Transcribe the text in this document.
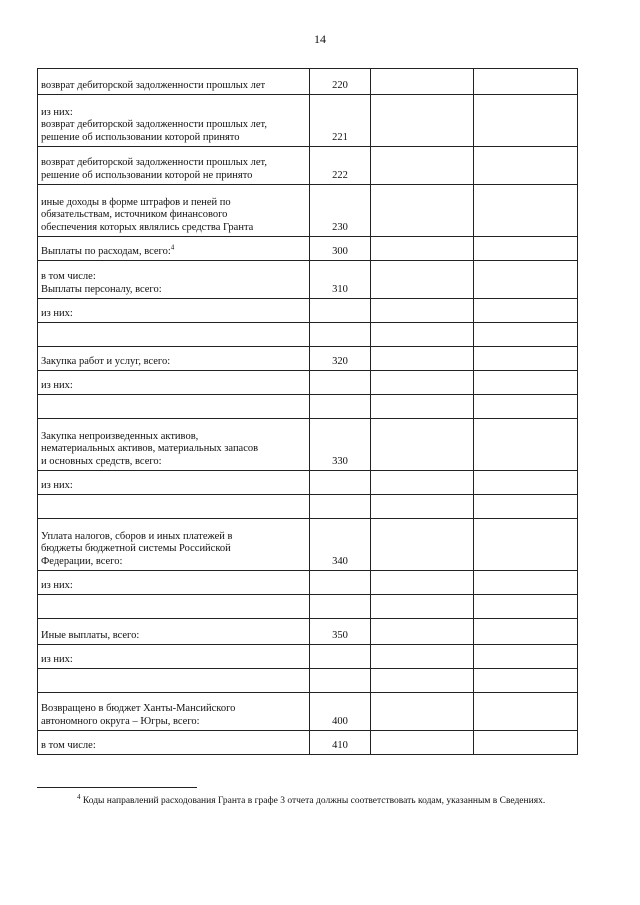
14
возврат дебиторской задолженности прошлых лет	220		

из них:
возврат дебиторской задолженности прошлых лет,
решение об использовании которой принято	221		

возврат дебиторской задолженности прошлых лет,
решение об использовании которой не принято	222		

иные доходы в форме штрафов и пеней по
обязательствам, источником финансового
обеспечения которых являлись средства Гранта	230		
Выплаты по расходам, всего:$^4$	300		

в том числе:
Выплаты персоналу, всего:	310		

из них:			

Закупка работ и услуг, всего:	320		

из них:			

Закупка непроизведенных активов,
нематериальных активов, материальных запасов
и основных средств, всего:	330		

из них:			

Уплата налогов, сборов и иных платежей в
бюджеты бюджетной системы Российской
Федерации, всего:	340		

из них:			

Иные выплаты, всего:	350		

из них:			

Возвращено в бюджет Ханты-Мансийского
автономного округа – Югры, всего:	400		

в том числе:	410		
$^4$ Коды направлений расходования Гранта в графе 3 отчета должны соответствовать кодам, указанным в Сведениях.
